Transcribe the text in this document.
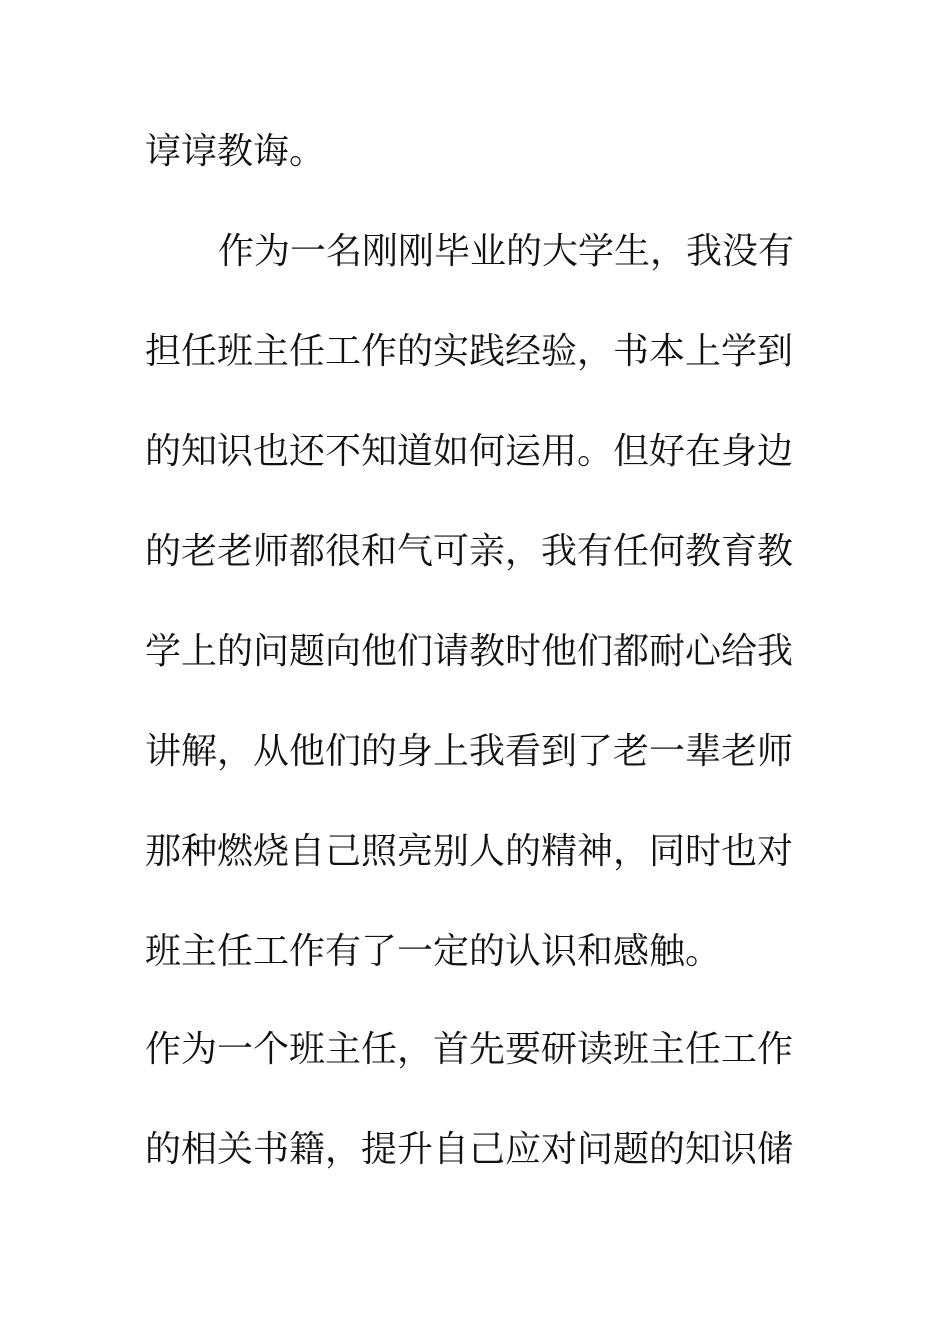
谆谆教诲。
作为一名刚刚毕业的大学生，我没有
担任班主任工作的实践经验，书本上学到
的知识也还不知道如何运用。但好在身边
的老老师都很和气可亲，我有任何教育教
学上的问题向他们请教时他们都耐心给我
讲解，从他们的身上我看到了老一辈老师
那种燃烧自己照亮别人的精神，同时也对
班主任工作有了一定的认识和感触。
作为一个班主任，首先要研读班主任工作
的相关书籍，提升自己应对问题的知识储
